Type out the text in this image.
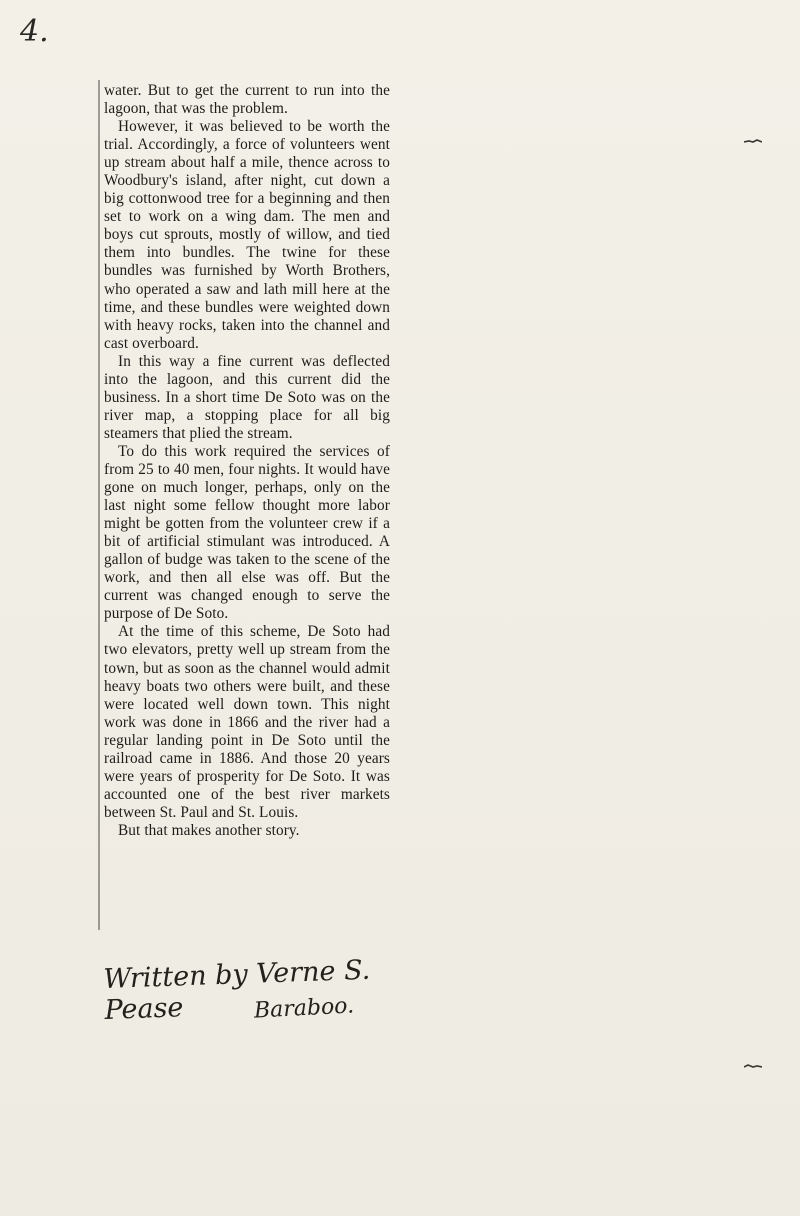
4.

water. But to get the current to run into the lagoon, that was the problem.

However, it was believed to be worth the trial. Accordingly, a force of volunteers went up stream about half a mile, thence across to Woodbury's island, after night, cut down a big cottonwood tree for a beginning and then set to work on a wing dam. The men and boys cut sprouts, mostly of willow, and tied them into bundles. The twine for these bundles was furnished by Worth Brothers, who operated a saw and lath mill here at the time, and these bundles were weighted down with heavy rocks, taken into the channel and cast overboard.

In this way a fine current was deflected into the lagoon, and this current did the business. In a short time De Soto was on the river map, a stopping place for all big steamers that plied the stream.

To do this work required the services of from 25 to 40 men, four nights. It would have gone on much longer, perhaps, only on the last night some fellow thought more labor might be gotten from the volunteer crew if a bit of artificial stimulant was introduced. A gallon of budge was taken to the scene of the work, and then all else was off. But the current was changed enough to serve the purpose of De Soto.

At the time of this scheme, De Soto had two elevators, pretty well up stream from the town, but as soon as the channel would admit heavy boats two others were built, and these were located well down town. This night work was done in 1866 and the river had a regular landing point in De Soto until the railroad came in 1886. And those 20 years were years of prosperity for De Soto. It was accounted one of the best river markets between St. Paul and St. Louis.

But that makes another story.

Written by Verne S. Pease	Baraboo.
